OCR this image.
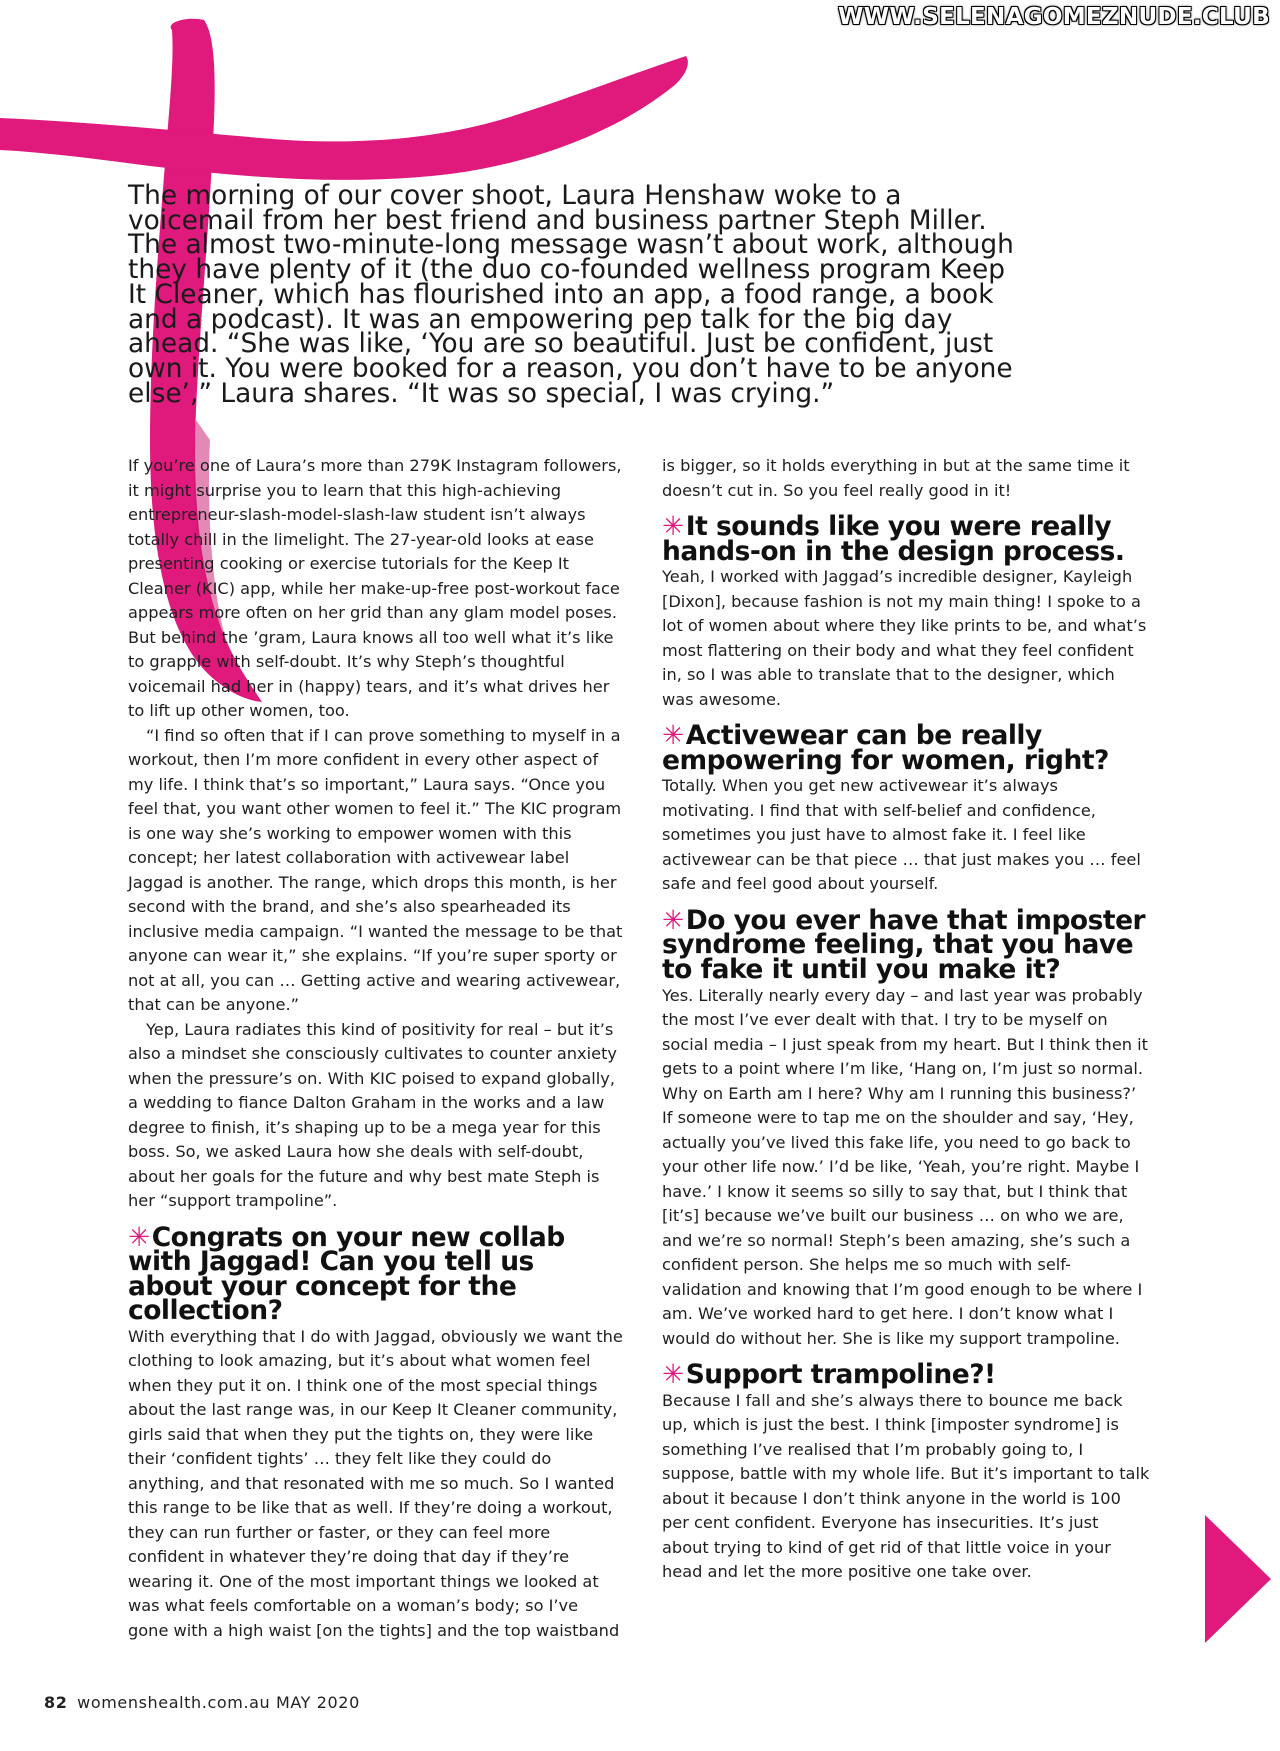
WWW.SELENAGOMEZNUDE.CLUB

The morning of our cover shoot, Laura Henshaw woke to a voicemail from her best friend and business partner Steph Miller. The almost two-minute-long message wasn’t about work, although they have plenty of it (the duo co-founded wellness program Keep It Cleaner, which has flourished into an app, a food range, a book and a podcast). It was an empowering pep talk for the big day ahead. “She was like, ‘You are so beautiful. Just be confident, just own it. You were booked for a reason, you don’t have to be anyone else’,” Laura shares. “It was so special, I was crying.”

If you’re one of Laura’s more than 279K Instagram followers, it might surprise you to learn that this high-achieving entrepreneur-slash-model-slash-law student isn’t always totally chill in the limelight. The 27-year-old looks at ease presenting cooking or exercise tutorials for the Keep It Cleaner (KIC) app, while her make-up-free post-workout face appears more often on her grid than any glam model poses. But behind the ’gram, Laura knows all too well what it’s like to grapple with self-doubt. It’s why Steph’s thoughtful voicemail had her in (happy) tears, and it’s what drives her to lift up other women, too.

“I find so often that if I can prove something to myself in a workout, then I’m more confident in every other aspect of my life. I think that’s so important,” Laura says. “Once you feel that, you want other women to feel it.” The KIC program is one way she’s working to empower women with this concept; her latest collaboration with activewear label Jaggad is another. The range, which drops this month, is her second with the brand, and she’s also spearheaded its inclusive media campaign. “I wanted the message to be that anyone can wear it,” she explains. “If you’re super sporty or not at all, you can … Getting active and wearing activewear, that can be anyone.”

Yep, Laura radiates this kind of positivity for real – but it’s also a mindset she consciously cultivates to counter anxiety when the pressure’s on. With KIC poised to expand globally, a wedding to fiance Dalton Graham in the works and a law degree to finish, it’s shaping up to be a mega year for this boss. So, we asked Laura how she deals with self-doubt, about her goals for the future and why best mate Steph is her “support trampoline”.

✳Congrats on your new collab with Jaggad! Can you tell us about your concept for the collection?

With everything that I do with Jaggad, obviously we want the clothing to look amazing, but it’s about what women feel when they put it on. I think one of the most special things about the last range was, in our Keep It Cleaner community, girls said that when they put the tights on, they were like their ‘confident tights’ … they felt like they could do anything, and that resonated with me so much. So I wanted this range to be like that as well. If they’re doing a workout, they can run further or faster, or they can feel more confident in whatever they’re doing that day if they’re wearing it. One of the most important things we looked at was what feels comfortable on a woman’s body; so I’ve gone with a high waist [on the tights] and the top waistband

is bigger, so it holds everything in but at the same time it doesn’t cut in. So you feel really good in it!

✳It sounds like you were really hands-on in the design process.

Yeah, I worked with Jaggad’s incredible designer, Kayleigh [Dixon], because fashion is not my main thing! I spoke to a lot of women about where they like prints to be, and what’s most flattering on their body and what they feel confident in, so I was able to translate that to the designer, which was awesome.

✳Activewear can be really empowering for women, right?

Totally. When you get new activewear it’s always motivating. I find that with self-belief and confidence, sometimes you just have to almost fake it. I feel like activewear can be that piece … that just makes you … feel safe and feel good about yourself.

✳Do you ever have that imposter syndrome feeling, that you have to fake it until you make it?

Yes. Literally nearly every day – and last year was probably the most I’ve ever dealt with that. I try to be myself on social media – I just speak from my heart. But I think then it gets to a point where I’m like, ‘Hang on, I’m just so normal. Why on Earth am I here? Why am I running this business?’ If someone were to tap me on the shoulder and say, ‘Hey, actually you’ve lived this fake life, you need to go back to your other life now.’ I’d be like, ‘Yeah, you’re right. Maybe I have.’ I know it seems so silly to say that, but I think that [it’s] because we’ve built our business … on who we are, and we’re so normal! Steph’s been amazing, she’s such a confident person. She helps me so much with self-validation and knowing that I’m good enough to be where I am. We’ve worked hard to get here. I don’t know what I would do without her. She is like my support trampoline.

✳Support trampoline?!

Because I fall and she’s always there to bounce me back up, which is just the best. I think [imposter syndrome] is something I’ve realised that I’m probably going to, I suppose, battle with my whole life. But it’s important to talk about it because I don’t think anyone in the world is 100 per cent confident. Everyone has insecurities. It’s just about trying to kind of get rid of that little voice in your head and let the more positive one take over.

82 womenshealth.com.au MAY 2020
